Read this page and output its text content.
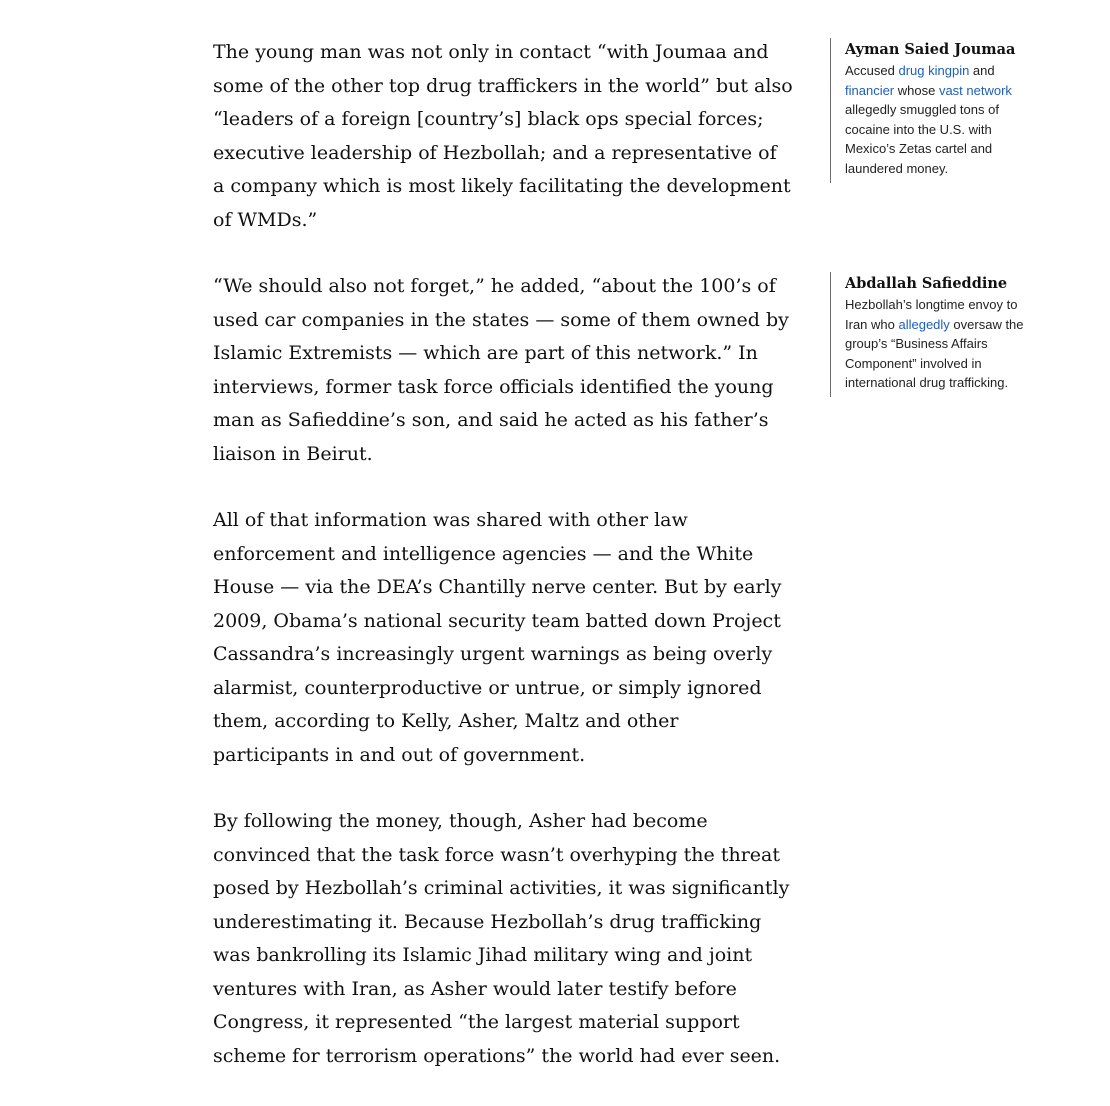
The young man was not only in contact “with Joumaa and some of the other top drug traffickers in the world” but also “leaders of a foreign [country’s] black ops special forces; executive leadership of Hezbollah; and a representative of a company which is most likely facilitating the development of WMDs.”

“We should also not forget,” he added, “about the 100’s of used car companies in the states — some of them owned by Islamic Extremists — which are part of this network.” In interviews, former task force officials identified the young man as Safieddine’s son, and said he acted as his father’s liaison in Beirut.

All of that information was shared with other law enforcement and intelligence agencies — and the White House — via the DEA’s Chantilly nerve center. But by early 2009, Obama’s national security team batted down Project Cassandra’s increasingly urgent warnings as being overly alarmist, counterproductive or untrue, or simply ignored them, according to Kelly, Asher, Maltz and other participants in and out of government.

By following the money, though, Asher had become convinced that the task force wasn’t overhyping the threat posed by Hezbollah’s criminal activities, it was significantly underestimating it. Because Hezbollah’s drug trafficking was bankrolling its Islamic Jihad military wing and joint ventures with Iran, as Asher would later testify before Congress, it represented “the largest material support scheme for terrorism operations” the world had ever seen.

Ayman Saied Joumaa

Accused drug kingpin and financier whose vast network allegedly smuggled tons of cocaine into the U.S. with Mexico’s Zetas cartel and laundered money.

Abdallah Safieddine

Hezbollah’s longtime envoy to Iran who allegedly oversaw the group’s “Business Affairs Component” involved in international drug trafficking.
